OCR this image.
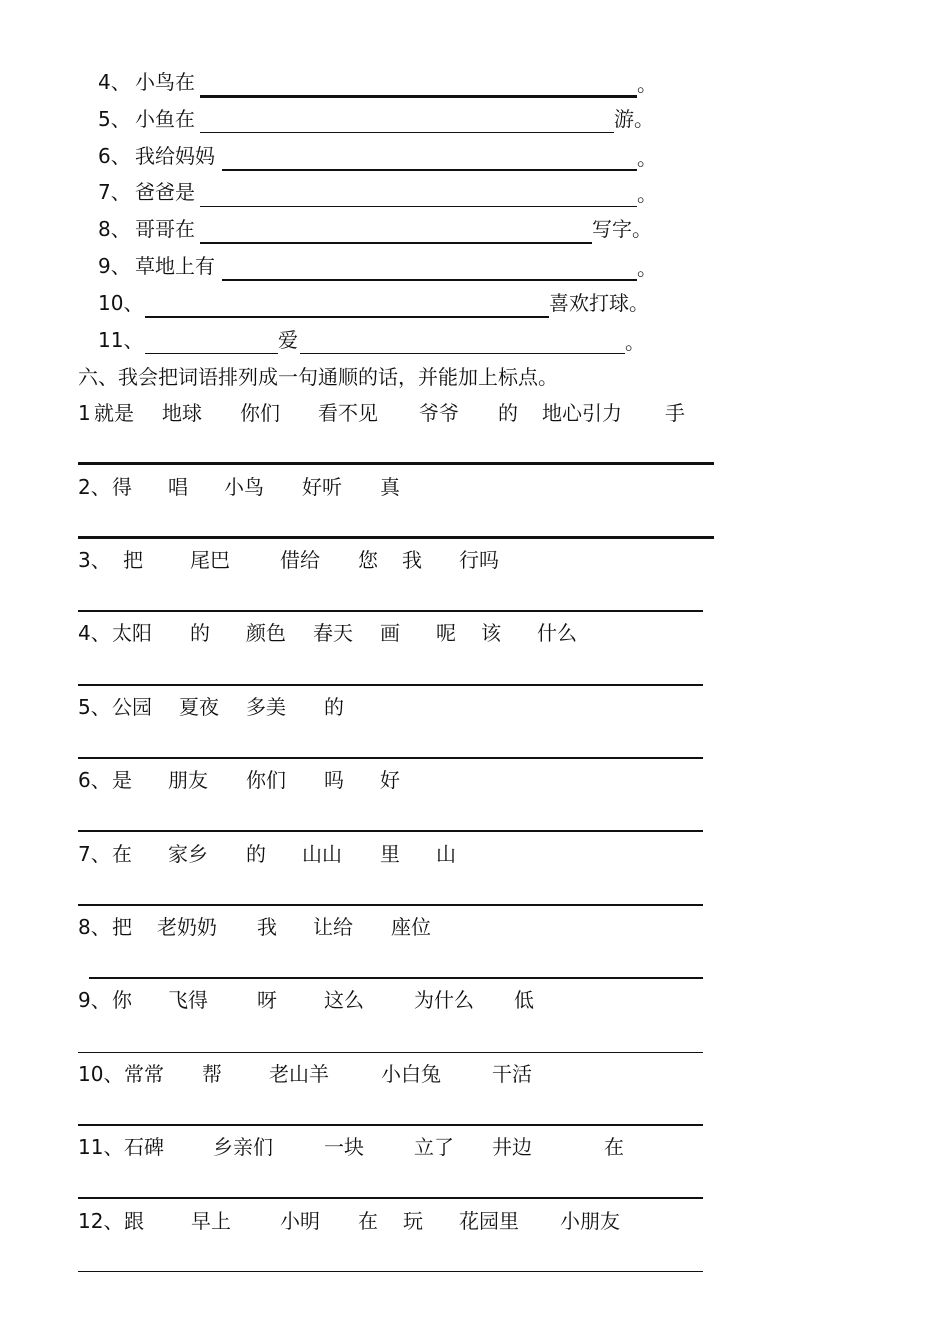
4、 小鸟在	。
5、 小鱼在	游。
6、 我给妈妈	。
7、 爸爸是	。
8、 哥哥在	写字。
9、 草地上有	。
10、	喜欢打球。
11、	爱	。
六、我会把词语排列成一句通顺的话，并能加上标点。
1 就是 地球 你们 看不见 爷爷 的 地心引力 手
2、 得 唱 小鸟 好听 真
3、 把 尾巴	借给 您 我 行吗
4、 太阳 的 颜色 春天 画 呢 该 什么
5、 公园 夏夜 多美 的
6、 是 朋友 你们 吗 好
7、 在 家乡 的 山山 里 山
8、 把 老奶奶 我 让给 座位
9、 你 飞得 呀 这么	为什么 低
10、 常常 帮 老山羊	小白兔	干活
11、 石碑 乡亲们	一块	立了 井边	在
12、 跟 早上 小明 在 玩 花园里 小朋友
